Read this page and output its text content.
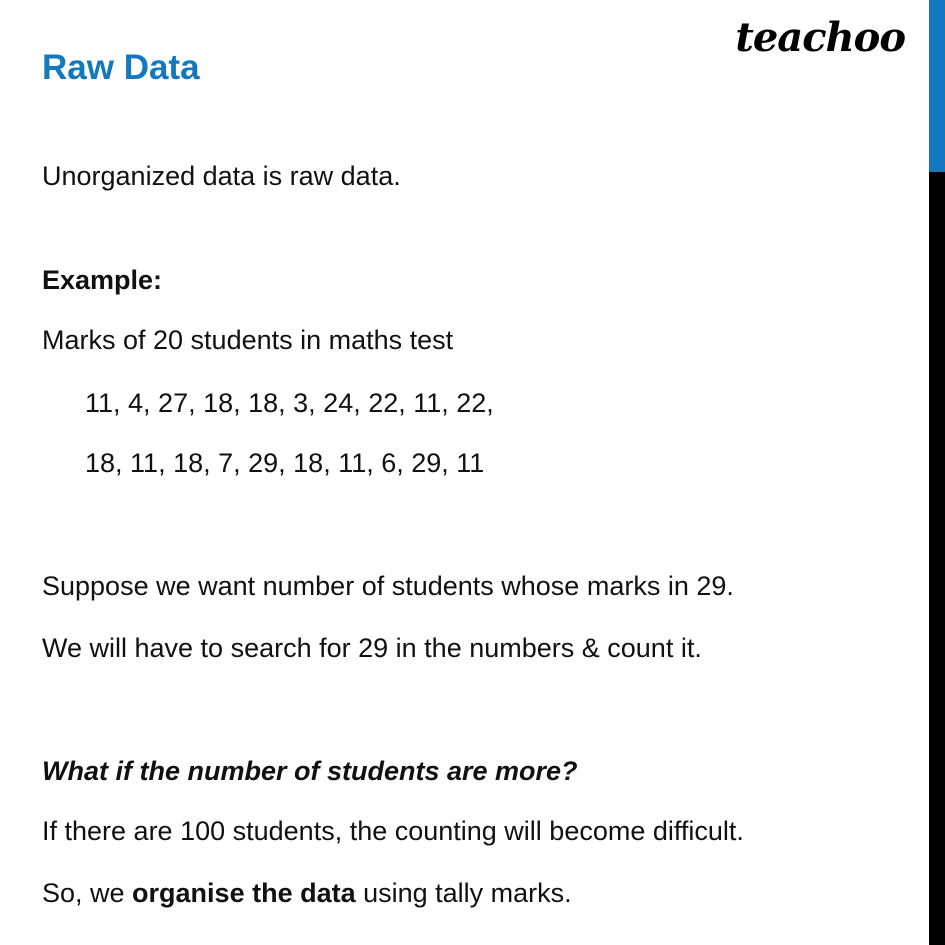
teachoo
Raw Data
Unorganized data is raw data.
Example:
Marks of 20 students in maths test
11, 4, 27, 18, 18, 3, 24, 22, 11, 22,
18, 11, 18, 7, 29, 18, 11, 6, 29, 11
Suppose we want number of students whose marks in 29.
We will have to search for 29 in the numbers & count it.
What if the number of students are more?
If there are 100 students, the counting will become difficult.
So, we organise the data using tally marks.
